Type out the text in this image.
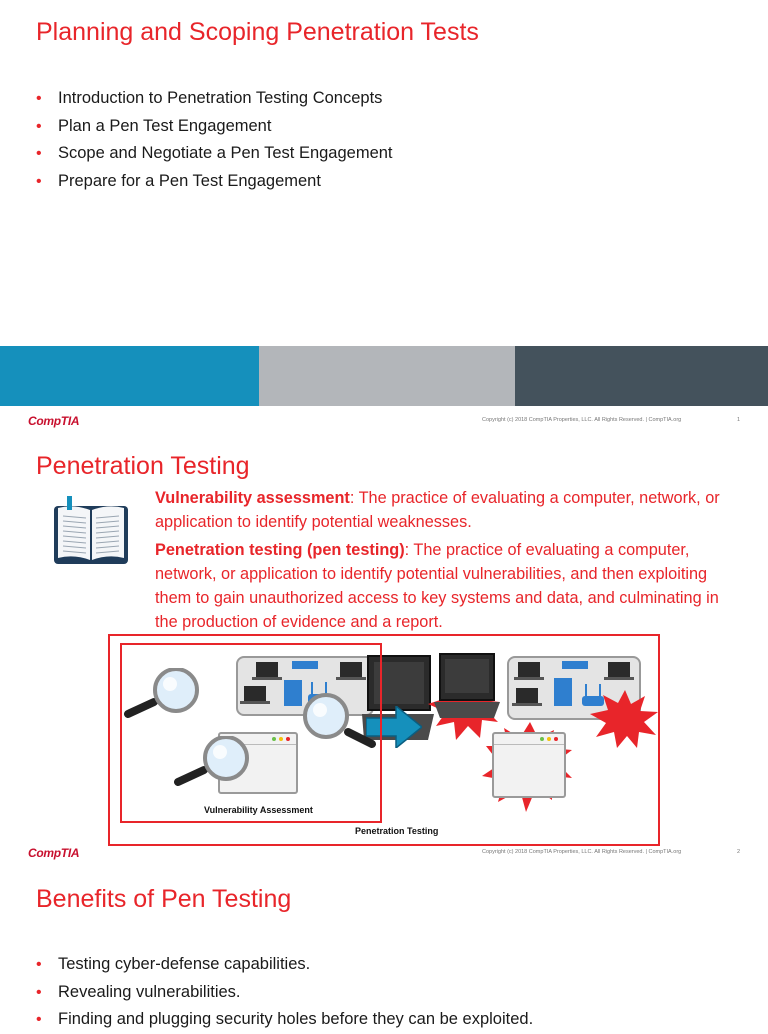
Planning and Scoping Penetration Tests
• Introduction to Penetration Testing Concepts
• Plan a Pen Test Engagement
• Scope and Negotiate a Pen Test Engagement
• Prepare for a Pen Test Engagement
CompTIA	Copyright (c) 2018 CompTIA Properties, LLC. All Rights Reserved. | CompTIA.org	1
Penetration Testing
Vulnerability assessment: The practice of evaluating a computer, network, or application to identify potential weaknesses.
Penetration testing (pen testing): The practice of evaluating a computer, network, or application to identify potential vulnerabilities, and then exploiting them to gain unauthorized access to key systems and data, and culminating in the production of evidence and a report.
Vulnerability Assessment
Penetration Testing
CompTIA	Copyright (c) 2018 CompTIA Properties, LLC. All Rights Reserved. | CompTIA.org	2
Benefits of Pen Testing
• Testing cyber-defense capabilities.
• Revealing vulnerabilities.
• Finding and plugging security holes before they can be exploited.
